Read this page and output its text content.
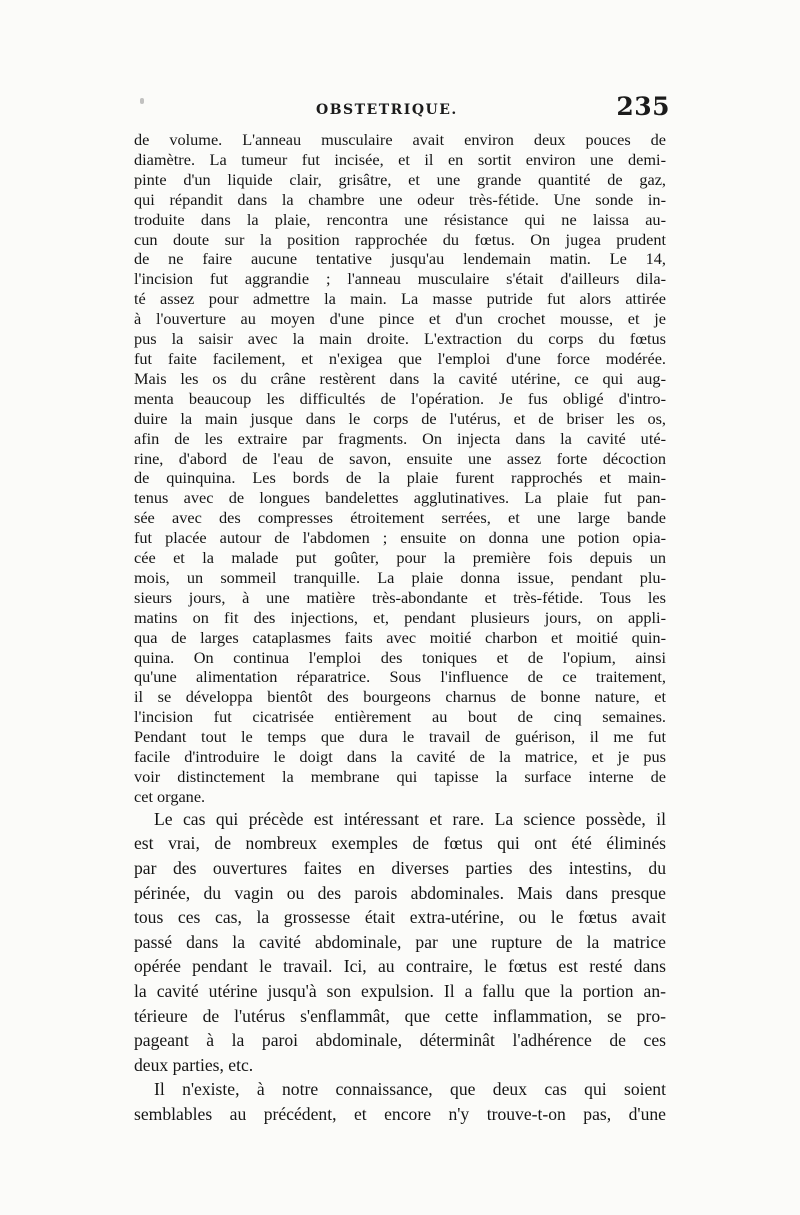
OBSTETRIQUE.	235
de volume. L'anneau musculaire avait environ deux pouces de
diamètre. La tumeur fut incisée, et il en sortit environ une demi-
pinte d'un liquide clair, grisâtre, et une grande quantité de gaz,
qui répandit dans la chambre une odeur très-fétide. Une sonde in-
troduite dans la plaie, rencontra une résistance qui ne laissa au-
cun doute sur la position rapprochée du fœtus. On jugea prudent
de ne faire aucune tentative jusqu'au lendemain matin. Le 14,
l'incision fut aggrandie ; l'anneau musculaire s'était d'ailleurs dila-
té assez pour admettre la main. La masse putride fut alors attirée
à l'ouverture au moyen d'une pince et d'un crochet mousse, et je
pus la saisir avec la main droite. L'extraction du corps du fœtus
fut faite facilement, et n'exigea que l'emploi d'une force modérée.
Mais les os du crâne restèrent dans la cavité utérine, ce qui aug-
menta beaucoup les difficultés de l'opération. Je fus obligé d'intro-
duire la main jusque dans le corps de l'utérus, et de briser les os,
afin de les extraire par fragments. On injecta dans la cavité uté-
rine, d'abord de l'eau de savon, ensuite une assez forte décoction
de quinquina. Les bords de la plaie furent rapprochés et main-
tenus avec de longues bandelettes agglutinatives. La plaie fut pan-
sée avec des compresses étroitement serrées, et une large bande
fut placée autour de l'abdomen ; ensuite on donna une potion opia-
cée et la malade put goûter, pour la première fois depuis un
mois, un sommeil tranquille. La plaie donna issue, pendant plu-
sieurs jours, à une matière très-abondante et très-fétide. Tous les
matins on fit des injections, et, pendant plusieurs jours, on appli-
qua de larges cataplasmes faits avec moitié charbon et moitié quin-
quina. On continua l'emploi des toniques et de l'opium, ainsi
qu'une alimentation réparatrice. Sous l'influence de ce traitement,
il se développa bientôt des bourgeons charnus de bonne nature, et
l'incision fut cicatrisée entièrement au bout de cinq semaines.
Pendant tout le temps que dura le travail de guérison, il me fut
facile d'introduire le doigt dans la cavité de la matrice, et je pus
voir distinctement la membrane qui tapisse la surface interne de
cet organe.
Le cas qui précède est intéressant et rare. La science possède, il
est vrai, de nombreux exemples de fœtus qui ont été éliminés
par des ouvertures faites en diverses parties des intestins, du
périnée, du vagin ou des parois abdominales. Mais dans presque
tous ces cas, la grossesse était extra-utérine, ou le fœtus avait
passé dans la cavité abdominale, par une rupture de la matrice
opérée pendant le travail. Ici, au contraire, le fœtus est resté dans
la cavité utérine jusqu'à son expulsion. Il a fallu que la portion an-
térieure de l'utérus s'enflammât, que cette inflammation, se pro-
pageant à la paroi abdominale, déterminât l'adhérence de ces
deux parties, etc.
Il n'existe, à notre connaissance, que deux cas qui soient
semblables au précédent, et encore n'y trouve-t-on pas, d'une
